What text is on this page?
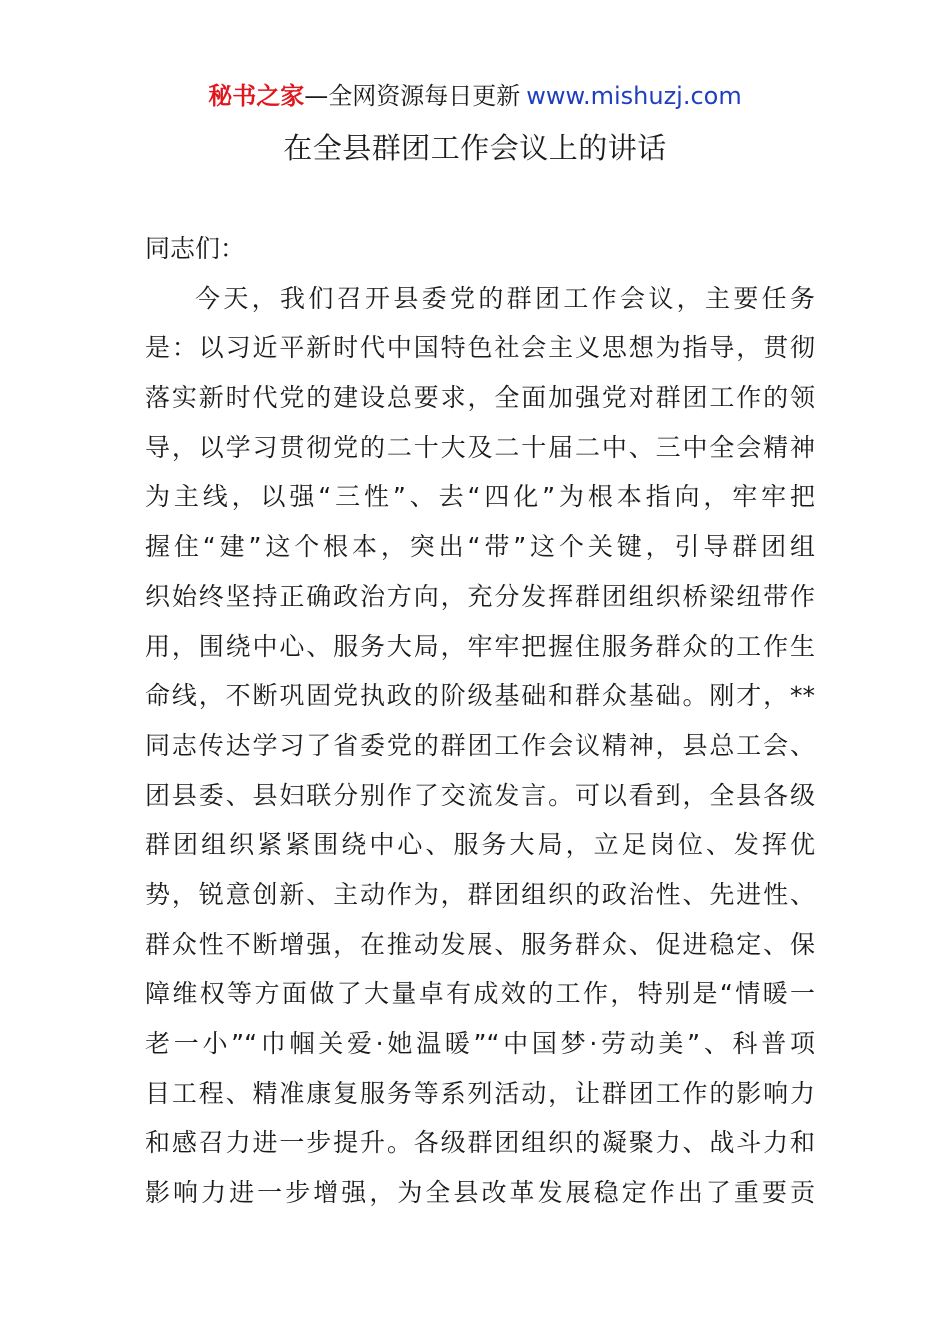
秘书之家—全网资源每日更新 www.mishuzj.com
在全县群团工作会议上的讲话

同志们：

今天，我们召开县委党的群团工作会议，主要任务
是：以习近平新时代中国特色社会主义思想为指导，贯彻
落实新时代党的建设总要求，全面加强党对群团工作的领
导，以学习贯彻党的二十大及二十届二中、三中全会精神
为主线，以强“三性”、去“四化”为根本指向，牢牢把
握住“建”这个根本，突出“带”这个关键，引导群团组
织始终坚持正确政治方向，充分发挥群团组织桥梁纽带作
用，围绕中心、服务大局，牢牢把握住服务群众的工作生
命线，不断巩固党执政的阶级基础和群众基础。刚才，**
同志传达学习了省委党的群团工作会议精神，县总工会、
团县委、县妇联分别作了交流发言。可以看到，全县各级
群团组织紧紧围绕中心、服务大局，立足岗位、发挥优
势，锐意创新、主动作为，群团组织的政治性、先进性、
群众性不断增强，在推动发展、服务群众、促进稳定、保
障维权等方面做了大量卓有成效的工作，特别是“情暖一
老一小”“巾帼关爱·她温暖”“中国梦·劳动美”、科普项
目工程、精准康复服务等系列活动，让群团工作的影响力
和感召力进一步提升。各级群团组织的凝聚力、战斗力和
影响力进一步增强，为全县改革发展稳定作出了重要贡
